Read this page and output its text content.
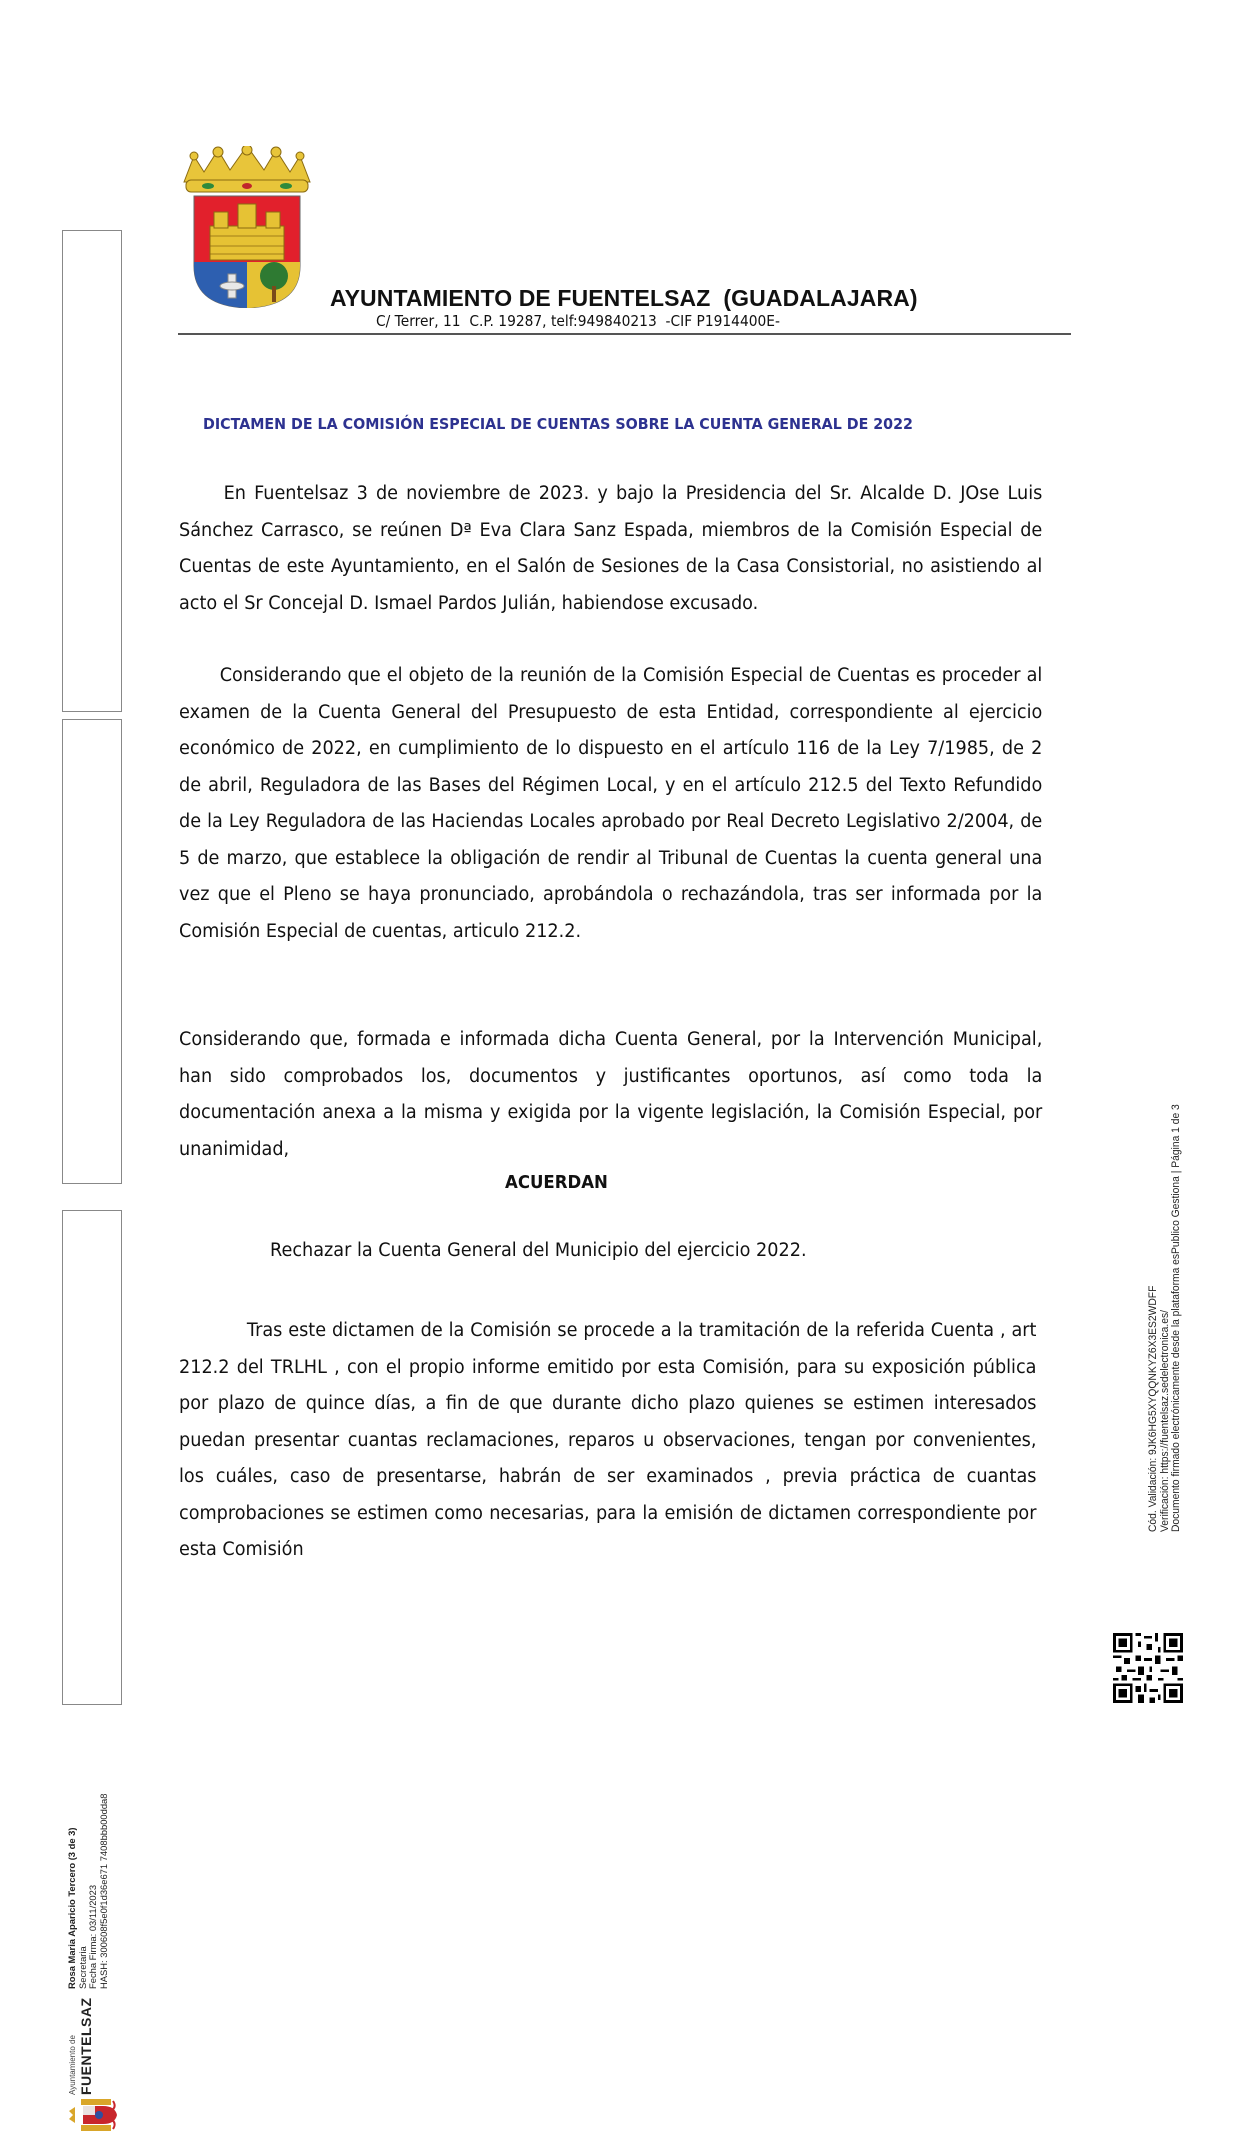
AYUNTAMIENTO DE FUENTELSAZ  (GUADALAJARA)
C/ Terrer, 11  C.P. 19287, telf:949840213  -CIF P1914400E-
DICTAMEN DE LA COMISIÓN ESPECIAL DE CUENTAS SOBRE LA CUENTA GENERAL DE 2022
En Fuentelsaz 3 de noviembre de 2023. y bajo la Presidencia del Sr. Alcalde D. JOse Luis Sánchez Carrasco, se reúnen Dª Eva Clara Sanz Espada, miembros de la Comisión Especial de Cuentas de este Ayuntamiento, en el Salón de Sesiones de la Casa Consistorial, no asistiendo al acto el Sr Concejal D. Ismael Pardos Julián, habiendose excusado.
Considerando que el objeto de la reunión de la Comisión Especial de Cuentas es proceder al examen de la Cuenta General del Presupuesto de esta Entidad, correspondiente al ejercicio económico de 2022, en cumplimiento de lo dispuesto en el artículo 116 de la Ley 7/1985, de 2 de abril, Reguladora de las Bases del Régimen Local, y en el artículo 212.5 del Texto Refundido de la Ley Reguladora de las Haciendas Locales aprobado por Real Decreto Legislativo 2/2004, de 5 de marzo, que establece la obligación de rendir al Tribunal de Cuentas la cuenta general una vez que el Pleno se haya pronunciado, aprobándola o rechazándola, tras ser informada por la Comisión Especial de cuentas, articulo 212.2.
Considerando que, formada e informada dicha Cuenta General, por la Intervención Municipal, han sido comprobados los, documentos y justificantes oportunos, así como toda la documentación anexa a la misma y exigida por la vigente legislación, la Comisión Especial, por unanimidad,
ACUERDAN
Rechazar la Cuenta General del Municipio del ejercicio 2022.
Tras este dictamen de la Comisión se procede a la tramitación de la referida Cuenta , art 212.2 del TRLHL , con el propio informe emitido por esta Comisión, para su exposición pública por plazo de quince días, a fin de que durante dicho plazo quienes se estimen interesados puedan presentar cuantas reclamaciones, reparos u observaciones, tengan por convenientes, los cuáles, caso de presentarse, habrán de ser examinados , previa práctica de cuantas comprobaciones se estimen como necesarias, para la emisión de dictamen correspondiente por esta Comisión
Ayuntamiento de FUENTELSAZ
Rosa Maria Aparicio Tercero (3 de 3) Secretaria Fecha Firma: 03/11/2023 HASH: 300608f5e0f1d36e671 7408bbb00dda8
Cód. Validación: 9JK6HG5XYQQNKYZ6X3ES2WDFF Verificación: https://fuentelsaz.sedelectronica.es/ Documento firmado electrónicamente desde la plataforma esPublico Gestiona | Página 1 de 3
